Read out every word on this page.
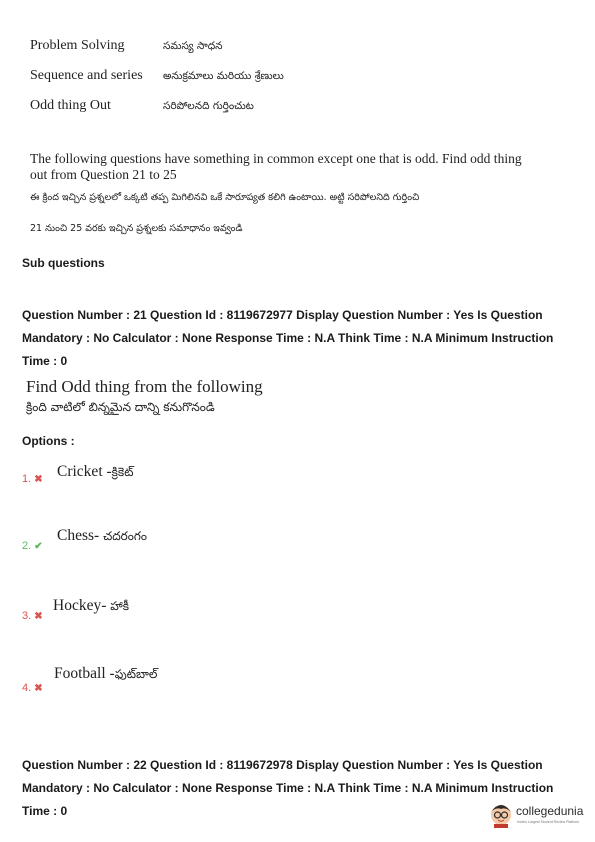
Problem Solving	సమస్య సాధన
Sequence and series అనుక్రమాలు మరియు శ్రేణులు
Odd thing Out	సరిపోలనది గుర్తించుట
The following questions have something in common except one that is odd. Find odd thing
out from Question 21 to 25
ఈ క్రింద ఇచ్చిన ప్రశ్నలలో ఒక్కటి తప్ప మిగిలినవి ఒకే సారూప్యత కలిగి ఉంటాయి. అట్టి సరిపోలనిది గుర్తించి
21 నుంచి 25 వరకు ఇచ్చిన ప్రశ్నలకు సమాధానం ఇవ్వండి
Sub questions
Question Number : 21 Question Id : 8119672977 Display Question Number : Yes Is Question
Mandatory : No Calculator : None Response Time : N.A Think Time : N.A Minimum Instruction
Time : 0
Find Odd thing from the following
క్రింది వాటిలో బిన్నమైన దాన్ని కనుగొనండి
Options :
1. ✖ Cricket -క్రికెట్
2. ✔
Chess- చదరంగం
3. ✖
Hockey- హాకీ
4. ✖
Football -ఫుట్‌బాల్
Question Number : 22 Question Id : 8119672978 Display Question Number : Yes Is Question
Mandatory : No Calculator : None Response Time : N.A Think Time : N.A Minimum Instruction
Time : 0	collegedunia
India's Largest Student Review Platform
